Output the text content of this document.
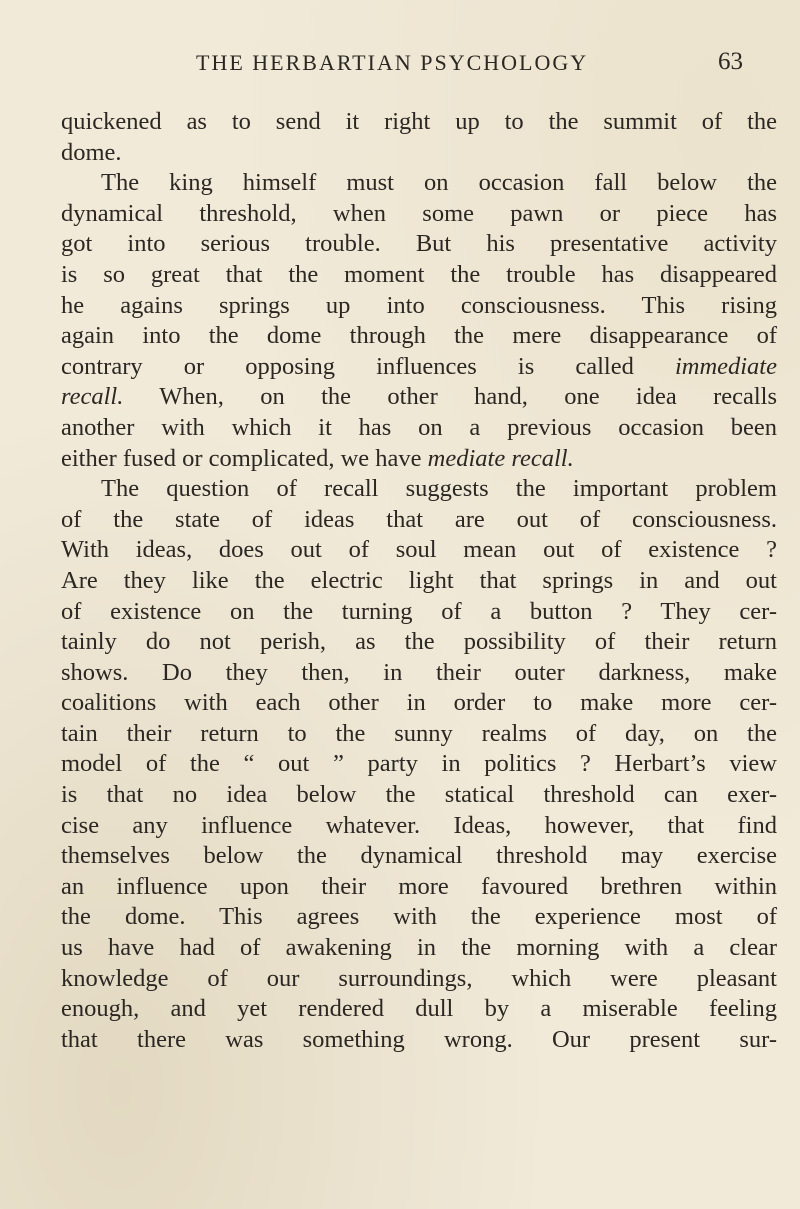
THE HERBARTIAN PSYCHOLOGY	63
quickened as to send it right up to the summit of the
dome.
The king himself must on occasion fall below the
dynamical threshold, when some pawn or piece has
got into serious trouble. But his presentative activity
is so great that the moment the trouble has disappeared
he agains springs up into consciousness. This rising
again into the dome through the mere disappearance of
contrary or opposing influences is called immediate
recall. When, on the other hand, one idea recalls
another with which it has on a previous occasion been
either fused or complicated, we have mediate recall.
The question of recall suggests the important problem
of the state of ideas that are out of consciousness.
With ideas, does out of soul mean out of existence ?
Are they like the electric light that springs in and out
of existence on the turning of a button ? They cer-
tainly do not perish, as the possibility of their return
shows. Do they then, in their outer darkness, make
coalitions with each other in order to make more cer-
tain their return to the sunny realms of day, on the
model of the “ out ” party in politics ? Herbart’s view
is that no idea below the statical threshold can exer-
cise any influence whatever. Ideas, however, that find
themselves below the dynamical threshold may exercise
an influence upon their more favoured brethren within
the dome. This agrees with the experience most of
us have had of awakening in the morning with a clear
knowledge of our surroundings, which were pleasant
enough, and yet rendered dull by a miserable feeling
that there was something wrong. Our present sur-
